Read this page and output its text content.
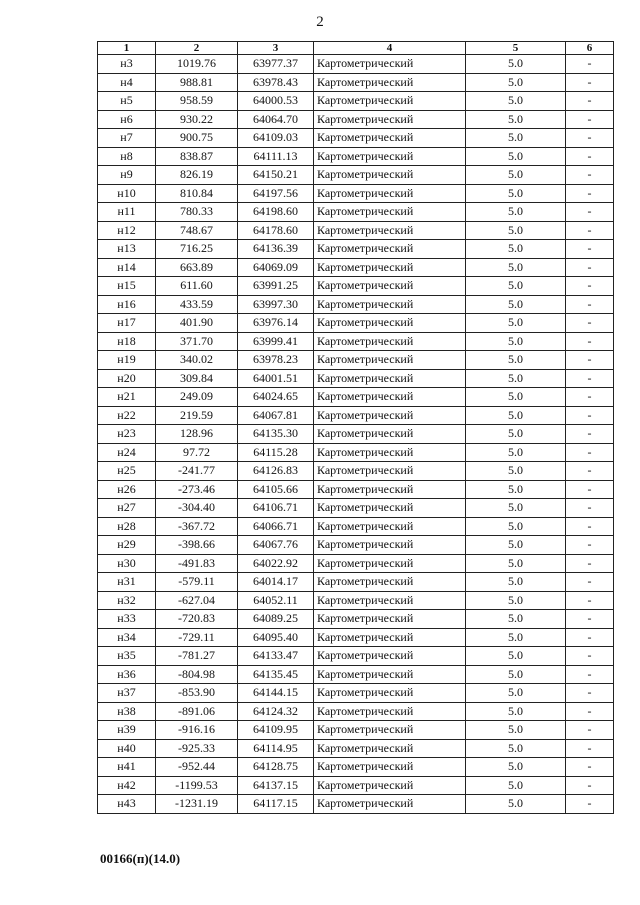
2
1	2	3	4	5	6
н3	1019.76	63977.37	Картометрический	5.0	-
н4	988.81	63978.43	Картометрический	5.0	-
н5	958.59	64000.53	Картометрический	5.0	-
н6	930.22	64064.70	Картометрический	5.0	-
н7	900.75	64109.03	Картометрический	5.0	-
н8	838.87	64111.13	Картометрический	5.0	-
н9	826.19	64150.21	Картометрический	5.0	-
н10	810.84	64197.56	Картометрический	5.0	-
н11	780.33	64198.60	Картометрический	5.0	-
н12	748.67	64178.60	Картометрический	5.0	-
н13	716.25	64136.39	Картометрический	5.0	-
н14	663.89	64069.09	Картометрический	5.0	-
н15	611.60	63991.25	Картометрический	5.0	-
н16	433.59	63997.30	Картометрический	5.0	-
н17	401.90	63976.14	Картометрический	5.0	-
н18	371.70	63999.41	Картометрический	5.0	-
н19	340.02	63978.23	Картометрический	5.0	-
н20	309.84	64001.51	Картометрический	5.0	-
н21	249.09	64024.65	Картометрический	5.0	-
н22	219.59	64067.81	Картометрический	5.0	-
н23	128.96	64135.30	Картометрический	5.0	-
н24	97.72	64115.28	Картометрический	5.0	-
н25	-241.77	64126.83	Картометрический	5.0	-
н26	-273.46	64105.66	Картометрический	5.0	-
н27	-304.40	64106.71	Картометрический	5.0	-
н28	-367.72	64066.71	Картометрический	5.0	-
н29	-398.66	64067.76	Картометрический	5.0	-
н30	-491.83	64022.92	Картометрический	5.0	-
н31	-579.11	64014.17	Картометрический	5.0	-
н32	-627.04	64052.11	Картометрический	5.0	-
н33	-720.83	64089.25	Картометрический	5.0	-
н34	-729.11	64095.40	Картометрический	5.0	-
н35	-781.27	64133.47	Картометрический	5.0	-
н36	-804.98	64135.45	Картометрический	5.0	-
н37	-853.90	64144.15	Картометрический	5.0	-
н38	-891.06	64124.32	Картометрический	5.0	-
н39	-916.16	64109.95	Картометрический	5.0	-
н40	-925.33	64114.95	Картометрический	5.0	-
н41	-952.44	64128.75	Картометрический	5.0	-
н42	-1199.53	64137.15	Картометрический	5.0	-
н43	-1231.19	64117.15	Картометрический	5.0	-
00166(п)(14.0)
